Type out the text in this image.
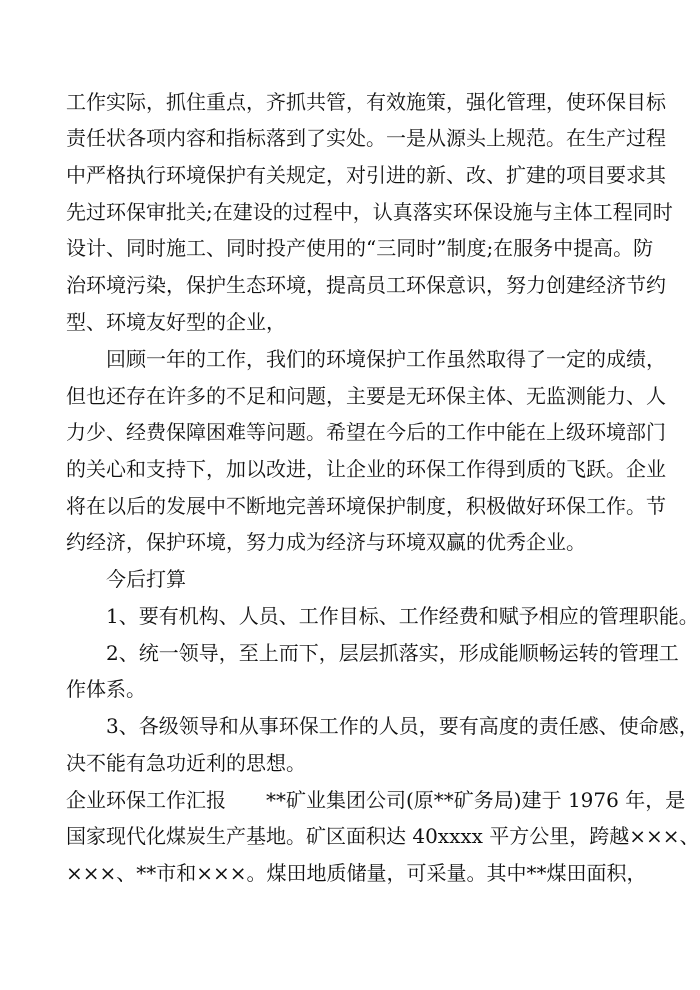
工作实际，抓住重点，齐抓共管，有效施策，强化管理，使环保目标
责任状各项内容和指标落到了实处。一是从源头上规范。在生产过程
中严格执行环境保护有关规定，对引进的新、改、扩建的项目要求其
先过环保审批关;在建设的过程中，认真落实环保设施与主体工程同时
设计、同时施工、同时投产使用的“三同时”制度;在服务中提高。防
治环境污染，保护生态环境，提高员工环保意识，努力创建经济节约
型、环境友好型的企业，
回顾一年的工作，我们的环境保护工作虽然取得了一定的成绩，
但也还存在许多的不足和问题，主要是无环保主体、无监测能力、人
力少、经费保障困难等问题。希望在今后的工作中能在上级环境部门
的关心和支持下，加以改进，让企业的环保工作得到质的飞跃。企业
将在以后的发展中不断地完善环境保护制度，积极做好环保工作。节
约经济，保护环境，努力成为经济与环境双赢的优秀企业。
今后打算
1、要有机构、人员、工作目标、工作经费和赋予相应的管理职能。
2、统一领导，至上而下，层层抓落实，形成能顺畅运转的管理工
作体系。
3、各级领导和从事环保工作的人员，要有高度的责任感、使命感，
决不能有急功近利的思想。
企业环保工作汇报　　**矿业集团公司(原**矿务局)建于 1976 年，是
国家现代化煤炭生产基地。矿区面积达 40xxxx 平方公里，跨越×××、
×××、**市和×××。煤田地质储量，可采量。其中**煤田面积，
